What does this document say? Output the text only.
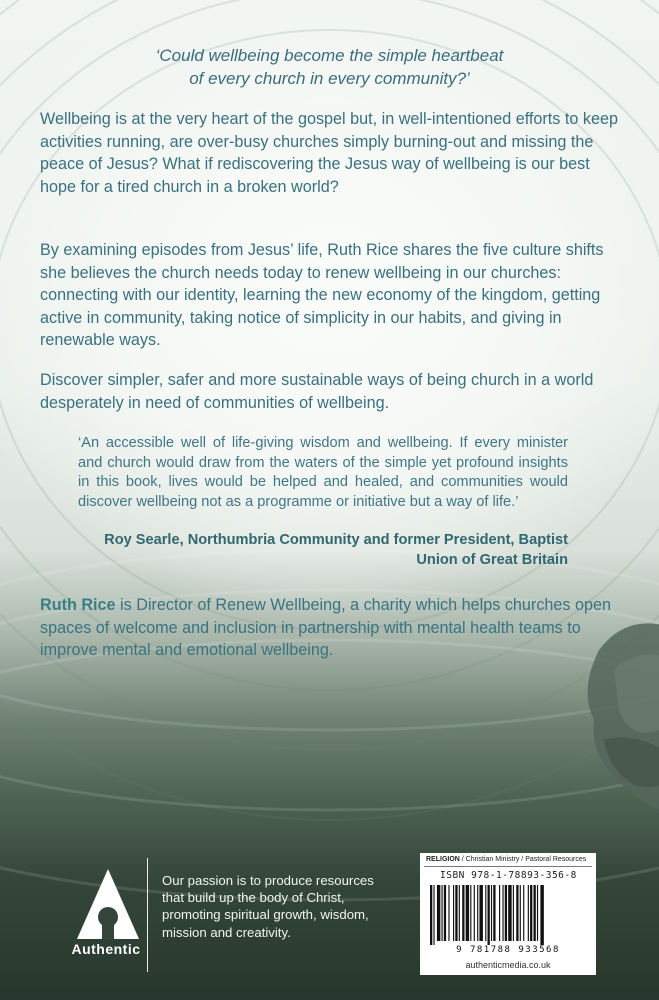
‘Could wellbeing become the simple heartbeat
of every church in every community?’

Wellbeing is at the very heart of the gospel but, in well-intentioned efforts to keep activities running, are over-busy churches simply burning-out and missing the peace of Jesus? What if rediscovering the Jesus way of wellbeing is our best hope for a tired church in a broken world?

By examining episodes from Jesus’ life, Ruth Rice shares the five culture shifts she believes the church needs today to renew wellbeing in our churches: connecting with our identity, learning the new economy of the kingdom, getting active in community, taking notice of simplicity in our habits, and giving in renewable ways.

Discover simpler, safer and more sustainable ways of being church in a world desperately in need of communities of wellbeing.

‘An accessible well of life-giving wisdom and wellbeing. If every minister and church would draw from the waters of the simple yet profound insights in this book, lives would be helped and healed, and communities would discover wellbeing not as a programme or initiative but a way of life.’
Roy Searle, Northumbria Community and former President, Baptist
Union of Great Britain

Ruth Rice is Director of Renew Wellbeing, a charity which helps churches open spaces of welcome and inclusion in partnership with mental health teams to improve mental and emotional wellbeing.

Authentic
Our passion is to produce resources that build up the body of Christ, promoting spiritual growth, wisdom, mission and creativity.
RELIGION / Christian Ministry / Pastoral Resources
ISBN 978-1-78893-356-8
9 781788 933568
authenticmedia.co.uk
